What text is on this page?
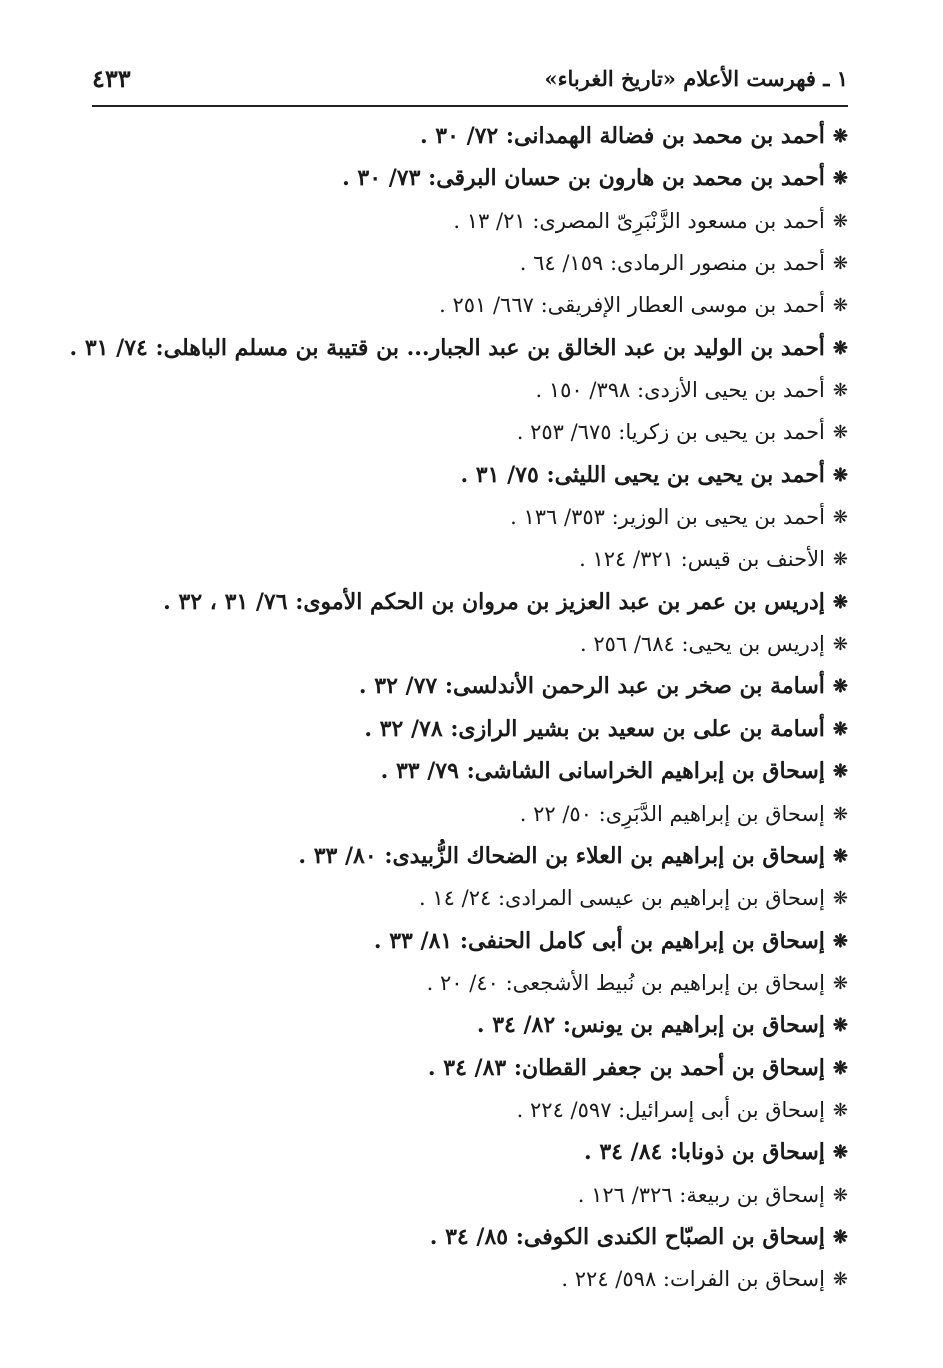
١ ـ فهرست الأعلام «تاريخ الغرباء»
٤٣٣
❋أحمد بن محمد بن فضالة الهمدانى: ٧٢/ ٣٠ .
❋أحمد بن محمد بن هارون بن حسان البرقى: ٧٣/ ٣٠ .
❋أحمد بن مسعود الزَّنْبَرِىّ المصرى: ٢١/ ١٣ .
❋أحمد بن منصور الرمادى: ١٥٩/ ٦٤ .
❋أحمد بن موسى العطار الإفريقى: ٦٦٧/ ٢٥١ .
❋أحمد بن الوليد بن عبد الخالق بن عبد الجبار... بن قتيبة بن مسلم الباهلى: ٧٤/ ٣١ .
❋أحمد بن يحيى الأزدى: ٣٩٨/ ١٥٠ .
❋أحمد بن يحيى بن زكريا: ٦٧٥/ ٢٥٣ .
❋أحمد بن يحيى بن يحيى الليثى: ٧٥/ ٣١ .
❋أحمد بن يحيى بن الوزير: ٣٥٣/ ١٣٦ .
❋الأحنف بن قيس: ٣٢١/ ١٢٤ .
❋إدريس بن عمر بن عبد العزيز بن مروان بن الحكم الأموى: ٧٦/ ٣١ ، ٣٢ .
❋إدريس بن يحيى: ٦٨٤/ ٢٥٦ .
❋أسامة بن صخر بن عبد الرحمن الأندلسى: ٧٧/ ٣٢ .
❋أسامة بن على بن سعيد بن بشير الرازى: ٧٨/ ٣٢ .
❋إسحاق بن إبراهيم الخراسانى الشاشى: ٧٩/ ٣٣ .
❋إسحاق بن إبراهيم الدَّبَرِى: ٥٠/ ٢٢ .
❋إسحاق بن إبراهيم بن العلاء بن الضحاك الزُّبيدى: ٨٠/ ٣٣ .
❋إسحاق بن إبراهيم بن عيسى المرادى: ٢٤/ ١٤ .
❋إسحاق بن إبراهيم بن أبى كامل الحنفى: ٨١/ ٣٣ .
❋إسحاق بن إبراهيم بن نُبيط الأشجعى: ٤٠/ ٢٠ .
❋إسحاق بن إبراهيم بن يونس: ٨٢/ ٣٤ .
❋إسحاق بن أحمد بن جعفر القطان: ٨٣/ ٣٤ .
❋إسحاق بن أبى إسرائيل: ٥٩٧/ ٢٢٤ .
❋إسحاق بن ذونابا: ٨٤/ ٣٤ .
❋إسحاق بن ربيعة: ٣٢٦/ ١٢٦ .
❋إسحاق بن الصبّاح الكندى الكوفى: ٨٥/ ٣٤ .
❋إسحاق بن الفرات: ٥٩٨/ ٢٢٤ .
